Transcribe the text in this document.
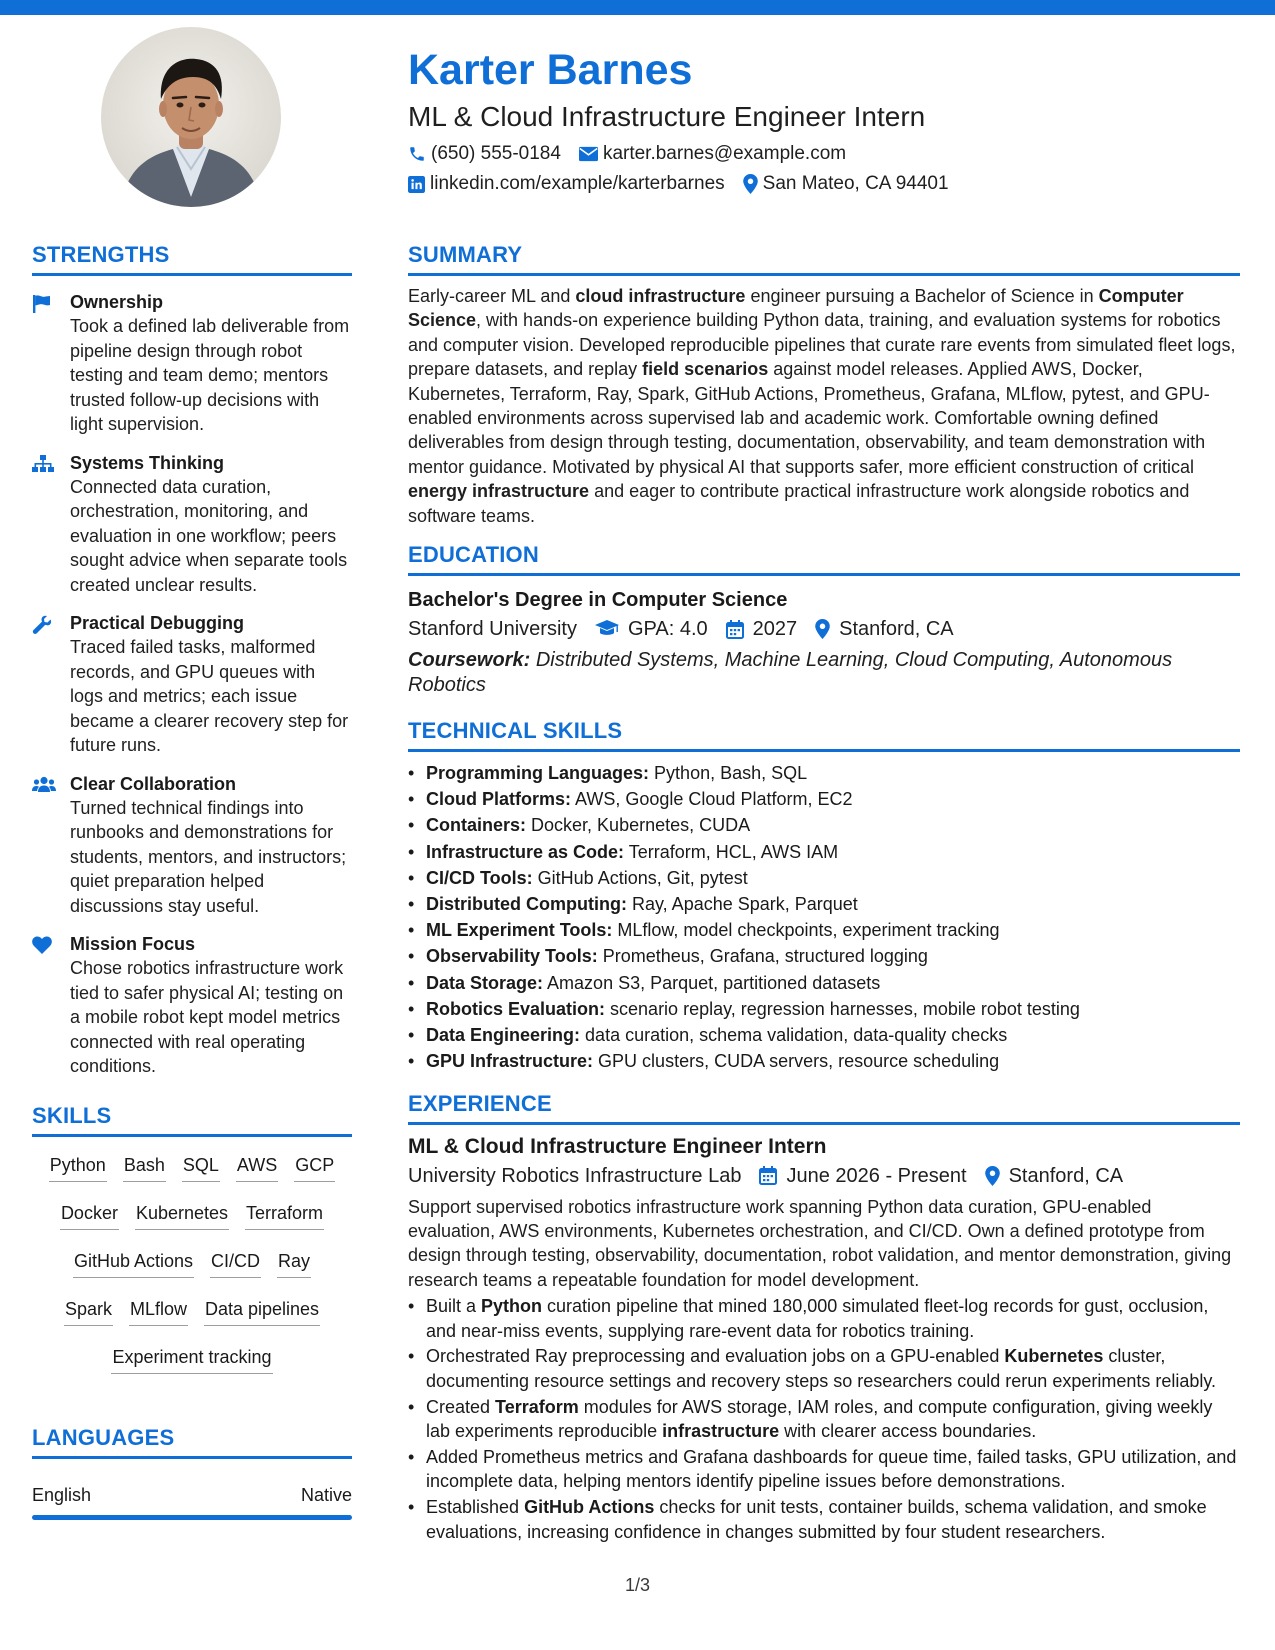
Karter Barnes
ML & Cloud Infrastructure Engineer Intern
(650) 555-0184 karter.barnes@example.com
linkedin.com/example/karterbarnes San Mateo, CA 94401
STRENGTHS
Ownership
Took a defined lab deliverable from pipeline design through robot testing and team demo; mentors trusted follow-up decisions with light supervision.
Systems Thinking
Connected data curation, orchestration, monitoring, and evaluation in one workflow; peers sought advice when separate tools created unclear results.
Practical Debugging
Traced failed tasks, malformed records, and GPU queues with logs and metrics; each issue became a clearer recovery step for future runs.
Clear Collaboration
Turned technical findings into runbooks and demonstrations for students, mentors, and instructors; quiet preparation helped discussions stay useful.
Mission Focus
Chose robotics infrastructure work tied to safer physical AI; testing on a mobile robot kept model metrics connected with real operating conditions.
SKILLS
Python Bash SQL AWS GCP
Docker Kubernetes Terraform
GitHub Actions CI/CD Ray
Spark MLflow Data pipelines
Experiment tracking
LANGUAGES
English	Native
SUMMARY
Early-career ML and cloud infrastructure engineer pursuing a Bachelor of Science in Computer Science, with hands-on experience building Python data, training, and evaluation systems for robotics and computer vision. Developed reproducible pipelines that curate rare events from simulated fleet logs, prepare datasets, and replay field scenarios against model releases. Applied AWS, Docker, Kubernetes, Terraform, Ray, Spark, GitHub Actions, Prometheus, Grafana, MLflow, pytest, and GPU-enabled environments across supervised lab and academic work. Comfortable owning defined deliverables from design through testing, documentation, observability, and team demonstration with mentor guidance. Motivated by physical AI that supports safer, more efficient construction of critical energy infrastructure and eager to contribute practical infrastructure work alongside robotics and software teams.
EDUCATION
Bachelor's Degree in Computer Science
Stanford University	GPA: 4.0 2027 Stanford, CA
Coursework: Distributed Systems, Machine Learning, Cloud Computing, Autonomous Robotics
TECHNICAL SKILLS
• Programming Languages: Python, Bash, SQL
• Cloud Platforms: AWS, Google Cloud Platform, EC2
• Containers: Docker, Kubernetes, CUDA
• Infrastructure as Code: Terraform, HCL, AWS IAM
• CI/CD Tools: GitHub Actions, Git, pytest
• Distributed Computing: Ray, Apache Spark, Parquet
• ML Experiment Tools: MLflow, model checkpoints, experiment tracking
• Observability Tools: Prometheus, Grafana, structured logging
• Data Storage: Amazon S3, Parquet, partitioned datasets
• Robotics Evaluation: scenario replay, regression harnesses, mobile robot testing
• Data Engineering: data curation, schema validation, data-quality checks
• GPU Infrastructure: GPU clusters, CUDA servers, resource scheduling
EXPERIENCE
ML & Cloud Infrastructure Engineer Intern
University Robotics Infrastructure Lab June 2026 - Present Stanford, CA
Support supervised robotics infrastructure work spanning Python data curation, GPU-enabled evaluation, AWS environments, Kubernetes orchestration, and CI/CD. Own a defined prototype from design through testing, observability, documentation, robot validation, and mentor demonstration, giving research teams a repeatable foundation for model development.
• Built a Python curation pipeline that mined 180,000 simulated fleet-log records for gust, occlusion, and near-miss events, supplying rare-event data for robotics training.
• Orchestrated Ray preprocessing and evaluation jobs on a GPU-enabled Kubernetes cluster, documenting resource settings and recovery steps so researchers could rerun experiments reliably.
• Created Terraform modules for AWS storage, IAM roles, and compute configuration, giving weekly lab experiments reproducible infrastructure with clearer access boundaries.
• Added Prometheus metrics and Grafana dashboards for queue time, failed tasks, GPU utilization, and incomplete data, helping mentors identify pipeline issues before demonstrations.
• Established GitHub Actions checks for unit tests, container builds, schema validation, and smoke evaluations, increasing confidence in changes submitted by four student researchers.
1/3
